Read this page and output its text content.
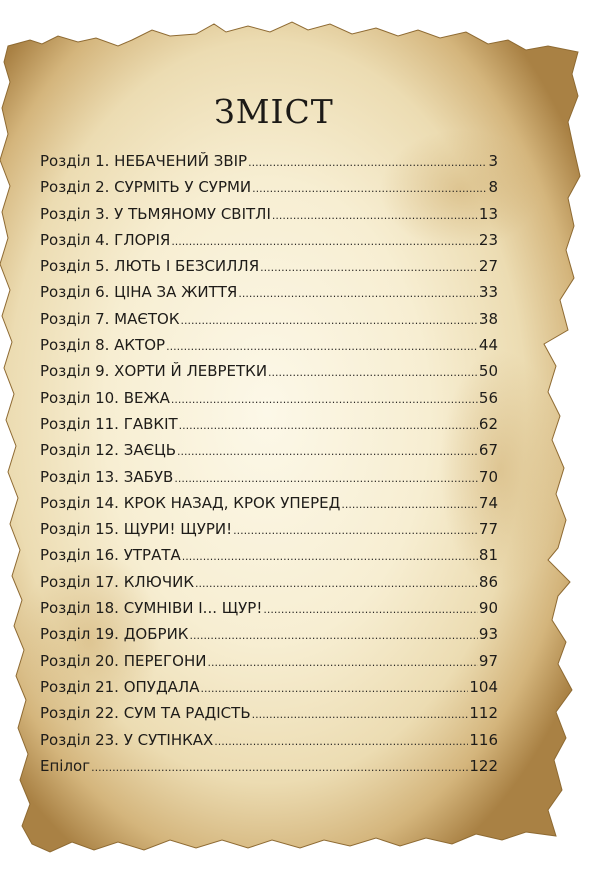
ЗМІСТ
Розділ 1. НЕБАЧЕНИЙ ЗВІР .....	3
Розділ 2. СУРМІТЬ У СУРМИ .....	8
Розділ 3. У ТЬМЯНОМУ СВІТЛІ .....	13
Розділ 4. ГЛОРІЯ .....	23
Розділ 5. ЛЮТЬ І БЕЗСИЛЛЯ .....	27
Розділ 6. ЦІНА ЗА ЖИТТЯ .....	33
Розділ 7. МАЄТОК .....	38
Розділ 8. АКТОР .....	44
Розділ 9. ХОРТИ Й ЛЕВРЕТКИ .....	50
Розділ 10. ВЕЖА .....	56
Розділ 11. ГАВКІТ .....	62
Розділ 12. ЗАЄЦЬ .....	67
Розділ 13. ЗАБУВ .....	70
Розділ 14. КРОК НАЗАД, КРОК УПЕРЕД .....	74
Розділ 15. ЩУРИ! ЩУРИ! .....	77
Розділ 16. УТРАТА .....	81
Розділ 17. КЛЮЧИК .....	86
Розділ 18. СУМНІВИ І... ЩУР! .....	90
Розділ 19. ДОБРИК .....	93
Розділ 20. ПЕРЕГОНИ .....	97
Розділ 21. ОПУДАЛА .....	104
Розділ 22. СУМ ТА РАДІСТЬ .....	112
Розділ 23. У СУТІНКАХ .....	116
Епілог .....	122
